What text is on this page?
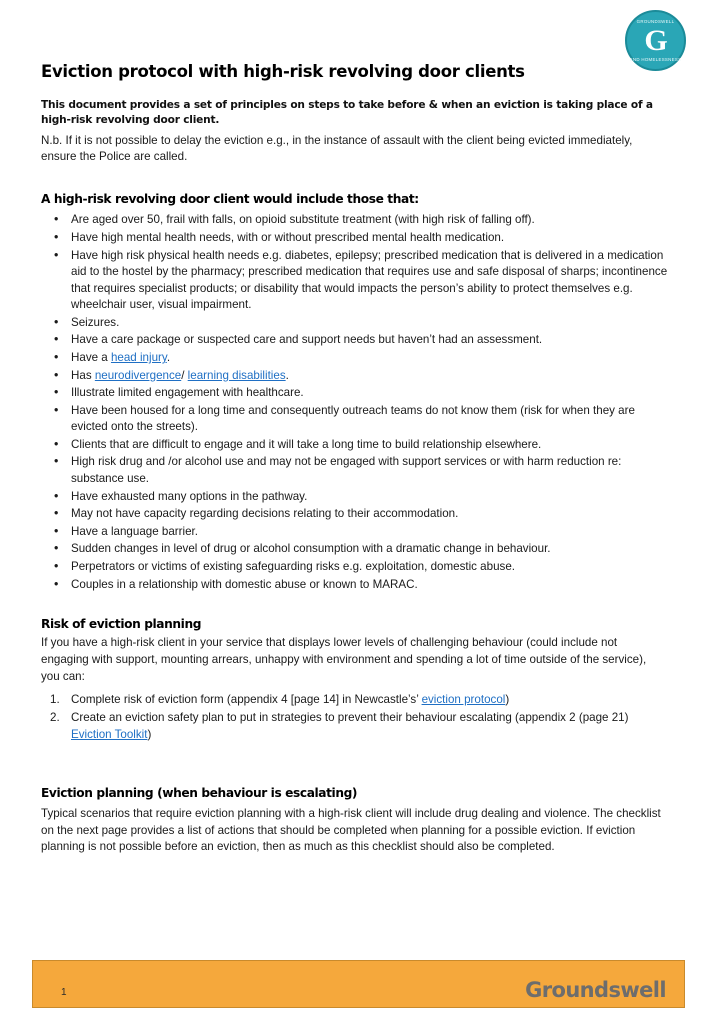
GROUNDSWELL
G
END HOMELESSNESS
Eviction protocol with high-risk revolving door clients

This document provides a set of principles on steps to take before & when an eviction is taking place of a high-risk revolving door client.

N.b. If it is not possible to delay the eviction e.g., in the instance of assault with the client being evicted immediately, ensure the Police are called.

A high-risk revolving door client would include those that:
• Are aged over 50, frail with falls, on opioid substitute treatment (with high risk of falling off).
• Have high mental health needs, with or without prescribed mental health medication.
• Have high risk physical health needs e.g. diabetes, epilepsy; prescribed medication that is delivered in a medication aid to the hostel by the pharmacy; prescribed medication that requires use and safe disposal of sharps; incontinence that requires specialist products; or disability that would impacts the person’s ability to protect themselves e.g. wheelchair user, visual impairment.
• Seizures.
• Have a care package or suspected care and support needs but haven’t had an assessment.
• Have a head injury.
• Has neurodivergence/ learning disabilities.
• Illustrate limited engagement with healthcare.
• Have been housed for a long time and consequently outreach teams do not know them (risk for when they are evicted onto the streets).
• Clients that are difficult to engage and it will take a long time to build relationship elsewhere.
• High risk drug and /or alcohol use and may not be engaged with support services or with harm reduction re: substance use.
• Have exhausted many options in the pathway.
• May not have capacity regarding decisions relating to their accommodation.
• Have a language barrier.
• Sudden changes in level of drug or alcohol consumption with a dramatic change in behaviour.
• Perpetrators or victims of existing safeguarding risks e.g. exploitation, domestic abuse.
• Couples in a relationship with domestic abuse or known to MARAC.
Risk of eviction planning

If you have a high-risk client in your service that displays lower levels of challenging behaviour (could include not engaging with support, mounting arrears, unhappy with environment and spending a lot of time outside of the service), you can:

Complete risk of eviction form (appendix 4 [page 14] in Newcastle’s’ eviction protocol)
Create an eviction safety plan to put in strategies to prevent their behaviour escalating (appendix 2 (page 21) Eviction Toolkit)
Eviction planning (when behaviour is escalating)

Typical scenarios that require eviction planning with a high-risk client will include drug dealing and violence. The checklist on the next page provides a list of actions that should be completed when planning for a possible eviction. If eviction planning is not possible before an eviction, then as much as this checklist should also be completed.

1	Groundswell
